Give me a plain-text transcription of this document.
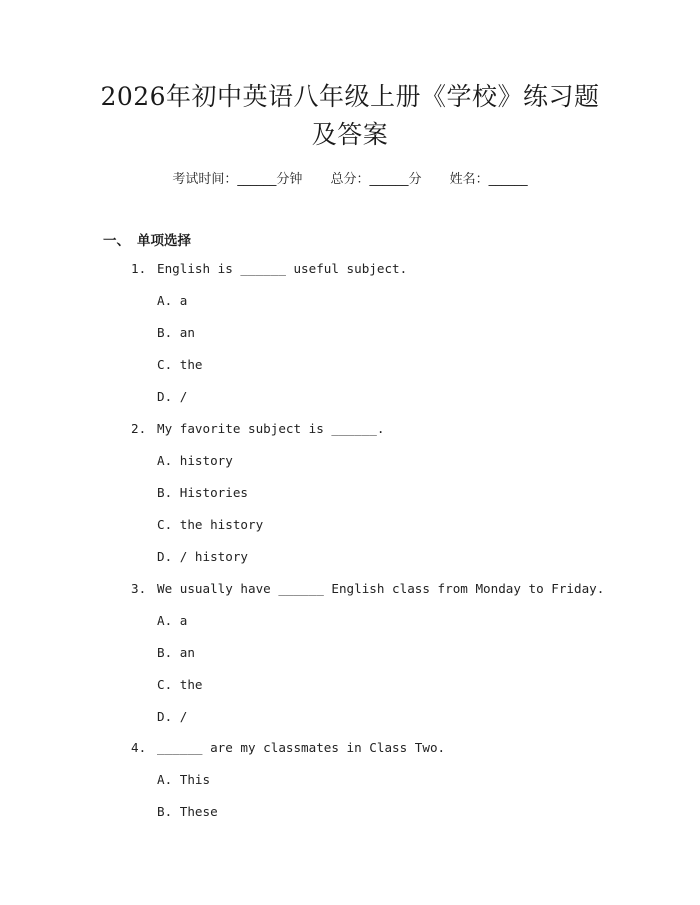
2026年初中英语八年级上册《学校》练习题
及答案
考试时间：______分钟 总分：______分 姓名：______
一、 单项选择
1. English is ______ useful subject.
A. a
B. an
C. the
D. /
2. My favorite subject is ______.
A. history
B. Histories
C. the history
D. / history
3. We usually have ______ English class from Monday to Friday.
A. a
B. an
C. the
D. /
4. ______ are my classmates in Class Two.
A. This
B. These
